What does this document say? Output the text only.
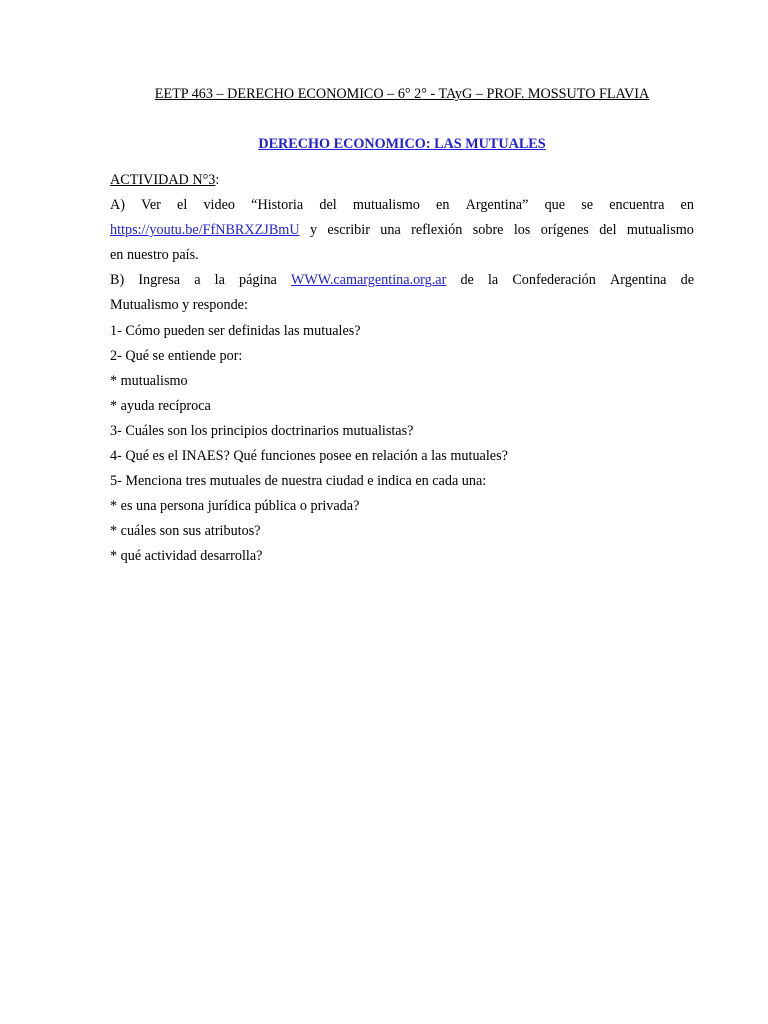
EETP 463 – DERECHO ECONOMICO – 6° 2° - TAyG – PROF. MOSSUTO FLAVIA
DERECHO ECONOMICO: LAS MUTUALES
ACTIVIDAD N°3:
A) Ver el video “Historia del mutualismo en Argentina” que se encuentra en
https://youtu.be/FfNBRXZJBmU y escribir una reflexión sobre los orígenes del mutualismo
en nuestro país.
B) Ingresa a la página WWW.camargentina.org.ar de la Confederación Argentina de
Mutualismo y responde:
1- Cómo pueden ser definidas las mutuales?
2- Qué se entiende por:
* mutualismo
* ayuda recíproca
3- Cuáles son los principios doctrinarios mutualistas?
4- Qué es el INAES? Qué funciones posee en relación a las mutuales?
5- Menciona tres mutuales de nuestra ciudad e indica en cada una:
* es una persona jurídica pública o privada?
* cuáles son sus atributos?
* qué actividad desarrolla?
